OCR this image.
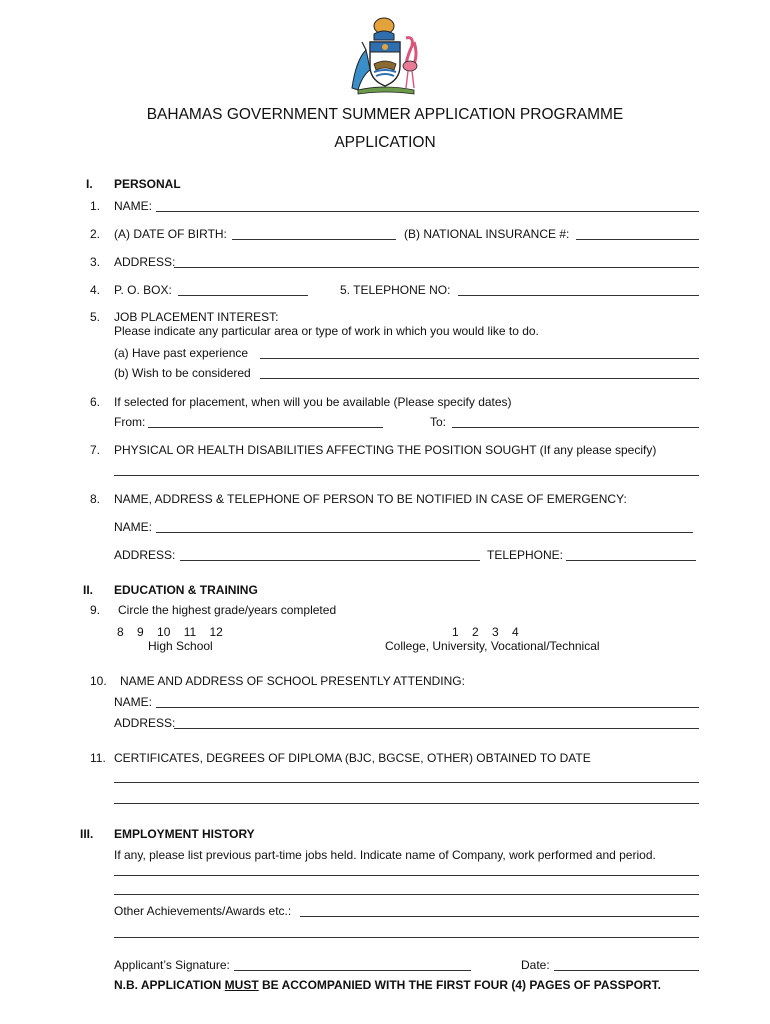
BAHAMAS GOVERNMENT SUMMER APPLICATION PROGRAMME
APPLICATION
I. PERSONAL
1. NAME:
2. (A) DATE OF BIRTH:	(B) NATIONAL INSURANCE #:
3. ADDRESS:
4. P. O. BOX:	5. TELEPHONE NO:
5. JOB PLACEMENT INTEREST:
Please indicate any particular area or type of work in which you would like to do.
(a) Have past experience
(b) Wish to be considered
6. If selected for placement, when will you be available (Please specify dates)
From:	To:
7. PHYSICAL OR HEALTH DISABILITIES AFFECTING THE POSITION SOUGHT (If any please specify)
8. NAME, ADDRESS & TELEPHONE OF PERSON TO BE NOTIFIED IN CASE OF EMERGENCY:
NAME:
ADDRESS:	TELEPHONE:
II. EDUCATION & TRAINING
9. Circle the highest grade/years completed
8    9    10    11    12
High School
1    2    3    4
College, University, Vocational/Technical
10. NAME AND ADDRESS OF SCHOOL PRESENTLY ATTENDING:
NAME:
ADDRESS:
11. CERTIFICATES, DEGREES OF DIPLOMA (BJC, BGCSE, OTHER) OBTAINED TO DATE
III. EMPLOYMENT HISTORY
If any, please list previous part-time jobs held. Indicate name of Company, work performed and period.
Other Achievements/Awards etc.:
Applicant’s Signature:	Date:
N.B. APPLICATION MUST BE ACCOMPANIED WITH THE FIRST FOUR (4) PAGES OF PASSPORT.
